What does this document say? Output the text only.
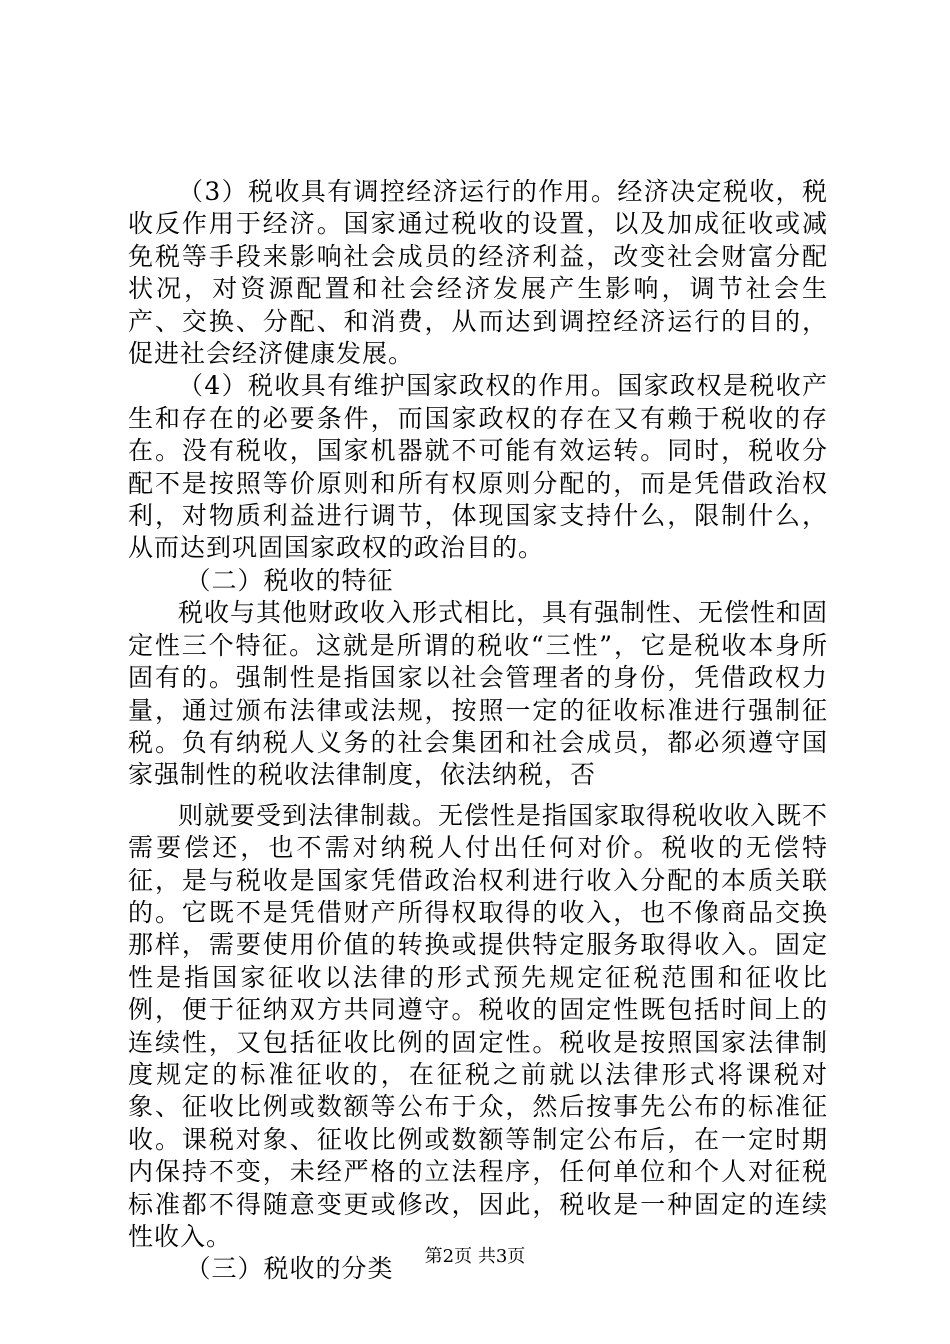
（3）税收具有调控经济运行的作用。经济决定税收，税收反作用于经济。国家通过税收的设置，以及加成征收或减免税等手段来影响社会成员的经济利益，改变社会财富分配状况，对资源配置和社会经济发展产生影响，调节社会生产、交换、分配、和消费，从而达到调控经济运行的目的，促进社会经济健康发展。

（4）税收具有维护国家政权的作用。国家政权是税收产生和存在的必要条件，而国家政权的存在又有赖于税收的存在。没有税收，国家机器就不可能有效运转。同时，税收分配不是按照等价原则和所有权原则分配的，而是凭借政治权利，对物质利益进行调节，体现国家支持什么，限制什么，从而达到巩固国家政权的政治目的。

（二）税收的特征

税收与其他财政收入形式相比，具有强制性、无偿性和固定性三个特征。这就是所谓的税收“三性”，它是税收本身所固有的。强制性是指国家以社会管理者的身份，凭借政权力量，通过颁布法律或法规，按照一定的征收标准进行强制征税。负有纳税人义务的社会集团和社会成员，都必须遵守国家强制性的税收法律制度，依法纳税，否

则就要受到法律制裁。无偿性是指国家取得税收收入既不需要偿还，也不需对纳税人付出任何对价。税收的无偿特征，是与税收是国家凭借政治权利进行收入分配的本质关联的。它既不是凭借财产所得权取得的收入，也不像商品交换那样，需要使用价值的转换或提供特定服务取得收入。固定性是指国家征收以法律的形式预先规定征税范围和征收比例，便于征纳双方共同遵守。税收的固定性既包括时间上的连续性，又包括征收比例的固定性。税收是按照国家法律制度规定的标准征收的，在征税之前就以法律形式将课税对象、征收比例或数额等公布于众，然后按事先公布的标准征收。课税对象、征收比例或数额等制定公布后，在一定时期内保持不变，未经严格的立法程序，任何单位和个人对征税标准都不得随意变更或修改，因此，税收是一种固定的连续性收入。

（三）税收的分类	第2页 共3页
